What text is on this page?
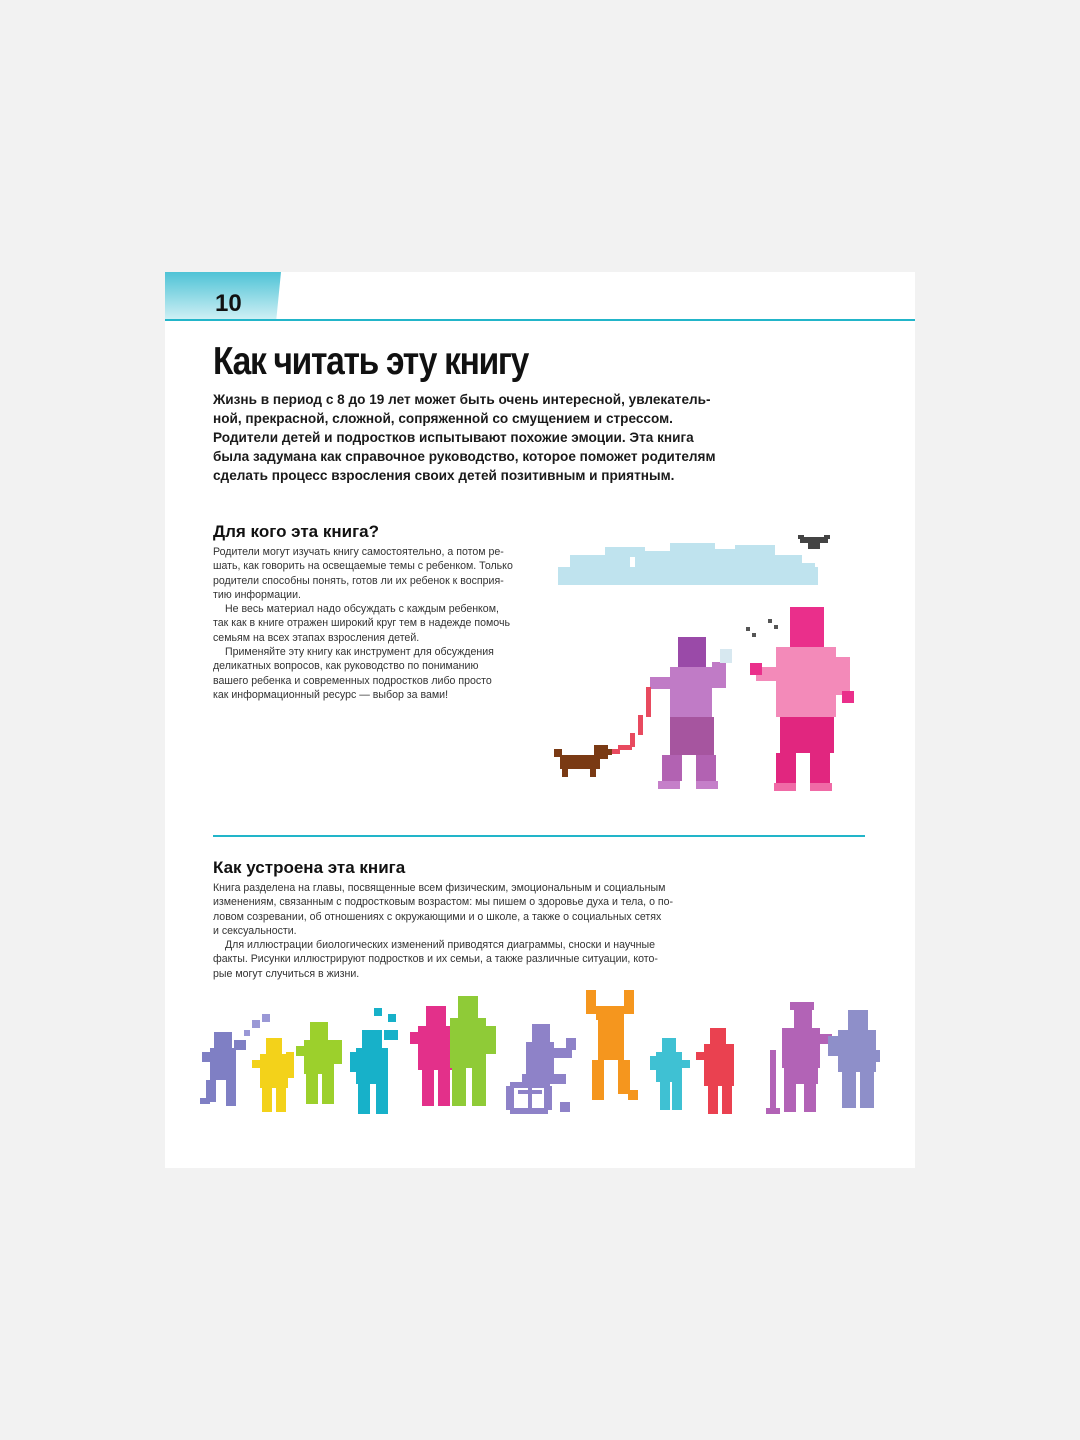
10
Как читать эту книгу
Жизнь в период с 8 до 19 лет может быть очень интересной, увлекатель-
ной, прекрасной, сложной, сопряженной со смущением и стрессом.
Родители детей и подростков испытывают похожие эмоции. Эта книга
была задумана как справочное руководство, которое поможет родителям
сделать процесс взросления своих детей позитивным и приятным.
Для кого эта книга?

Родители могут изучать книгу самостоятельно, а потом ре-
шать, как говорить на освещаемые темы с ребенком. Только
родители способны понять, готов ли их ребенок к восприя-
тию информации.

Не весь материал надо обсуждать с каждым ребенком,
так как в книге отражен широкий круг тем в надежде помочь
семьям на всех этапах взросления детей.

Применяйте эту книгу как инструмент для обсуждения
деликатных вопросов, как руководство по пониманию
вашего ребенка и современных подростков либо просто
как информационный ресурс — выбор за вами!

Как устроена эта книга

Книга разделена на главы, посвященные всем физическим, эмоциональным и социальным
изменениям, связанным с подростковым возрастом: мы пишем о здоровье духа и тела, о по-
ловом созревании, об отношениях с окружающими и о школе, а также о социальных сетях
и сексуальности.

Для иллюстрации биологических изменений приводятся диаграммы, сноски и научные
факты. Рисунки иллюстрируют подростков и их семьи, а также различные ситуации, кото-
рые могут случиться в жизни.
